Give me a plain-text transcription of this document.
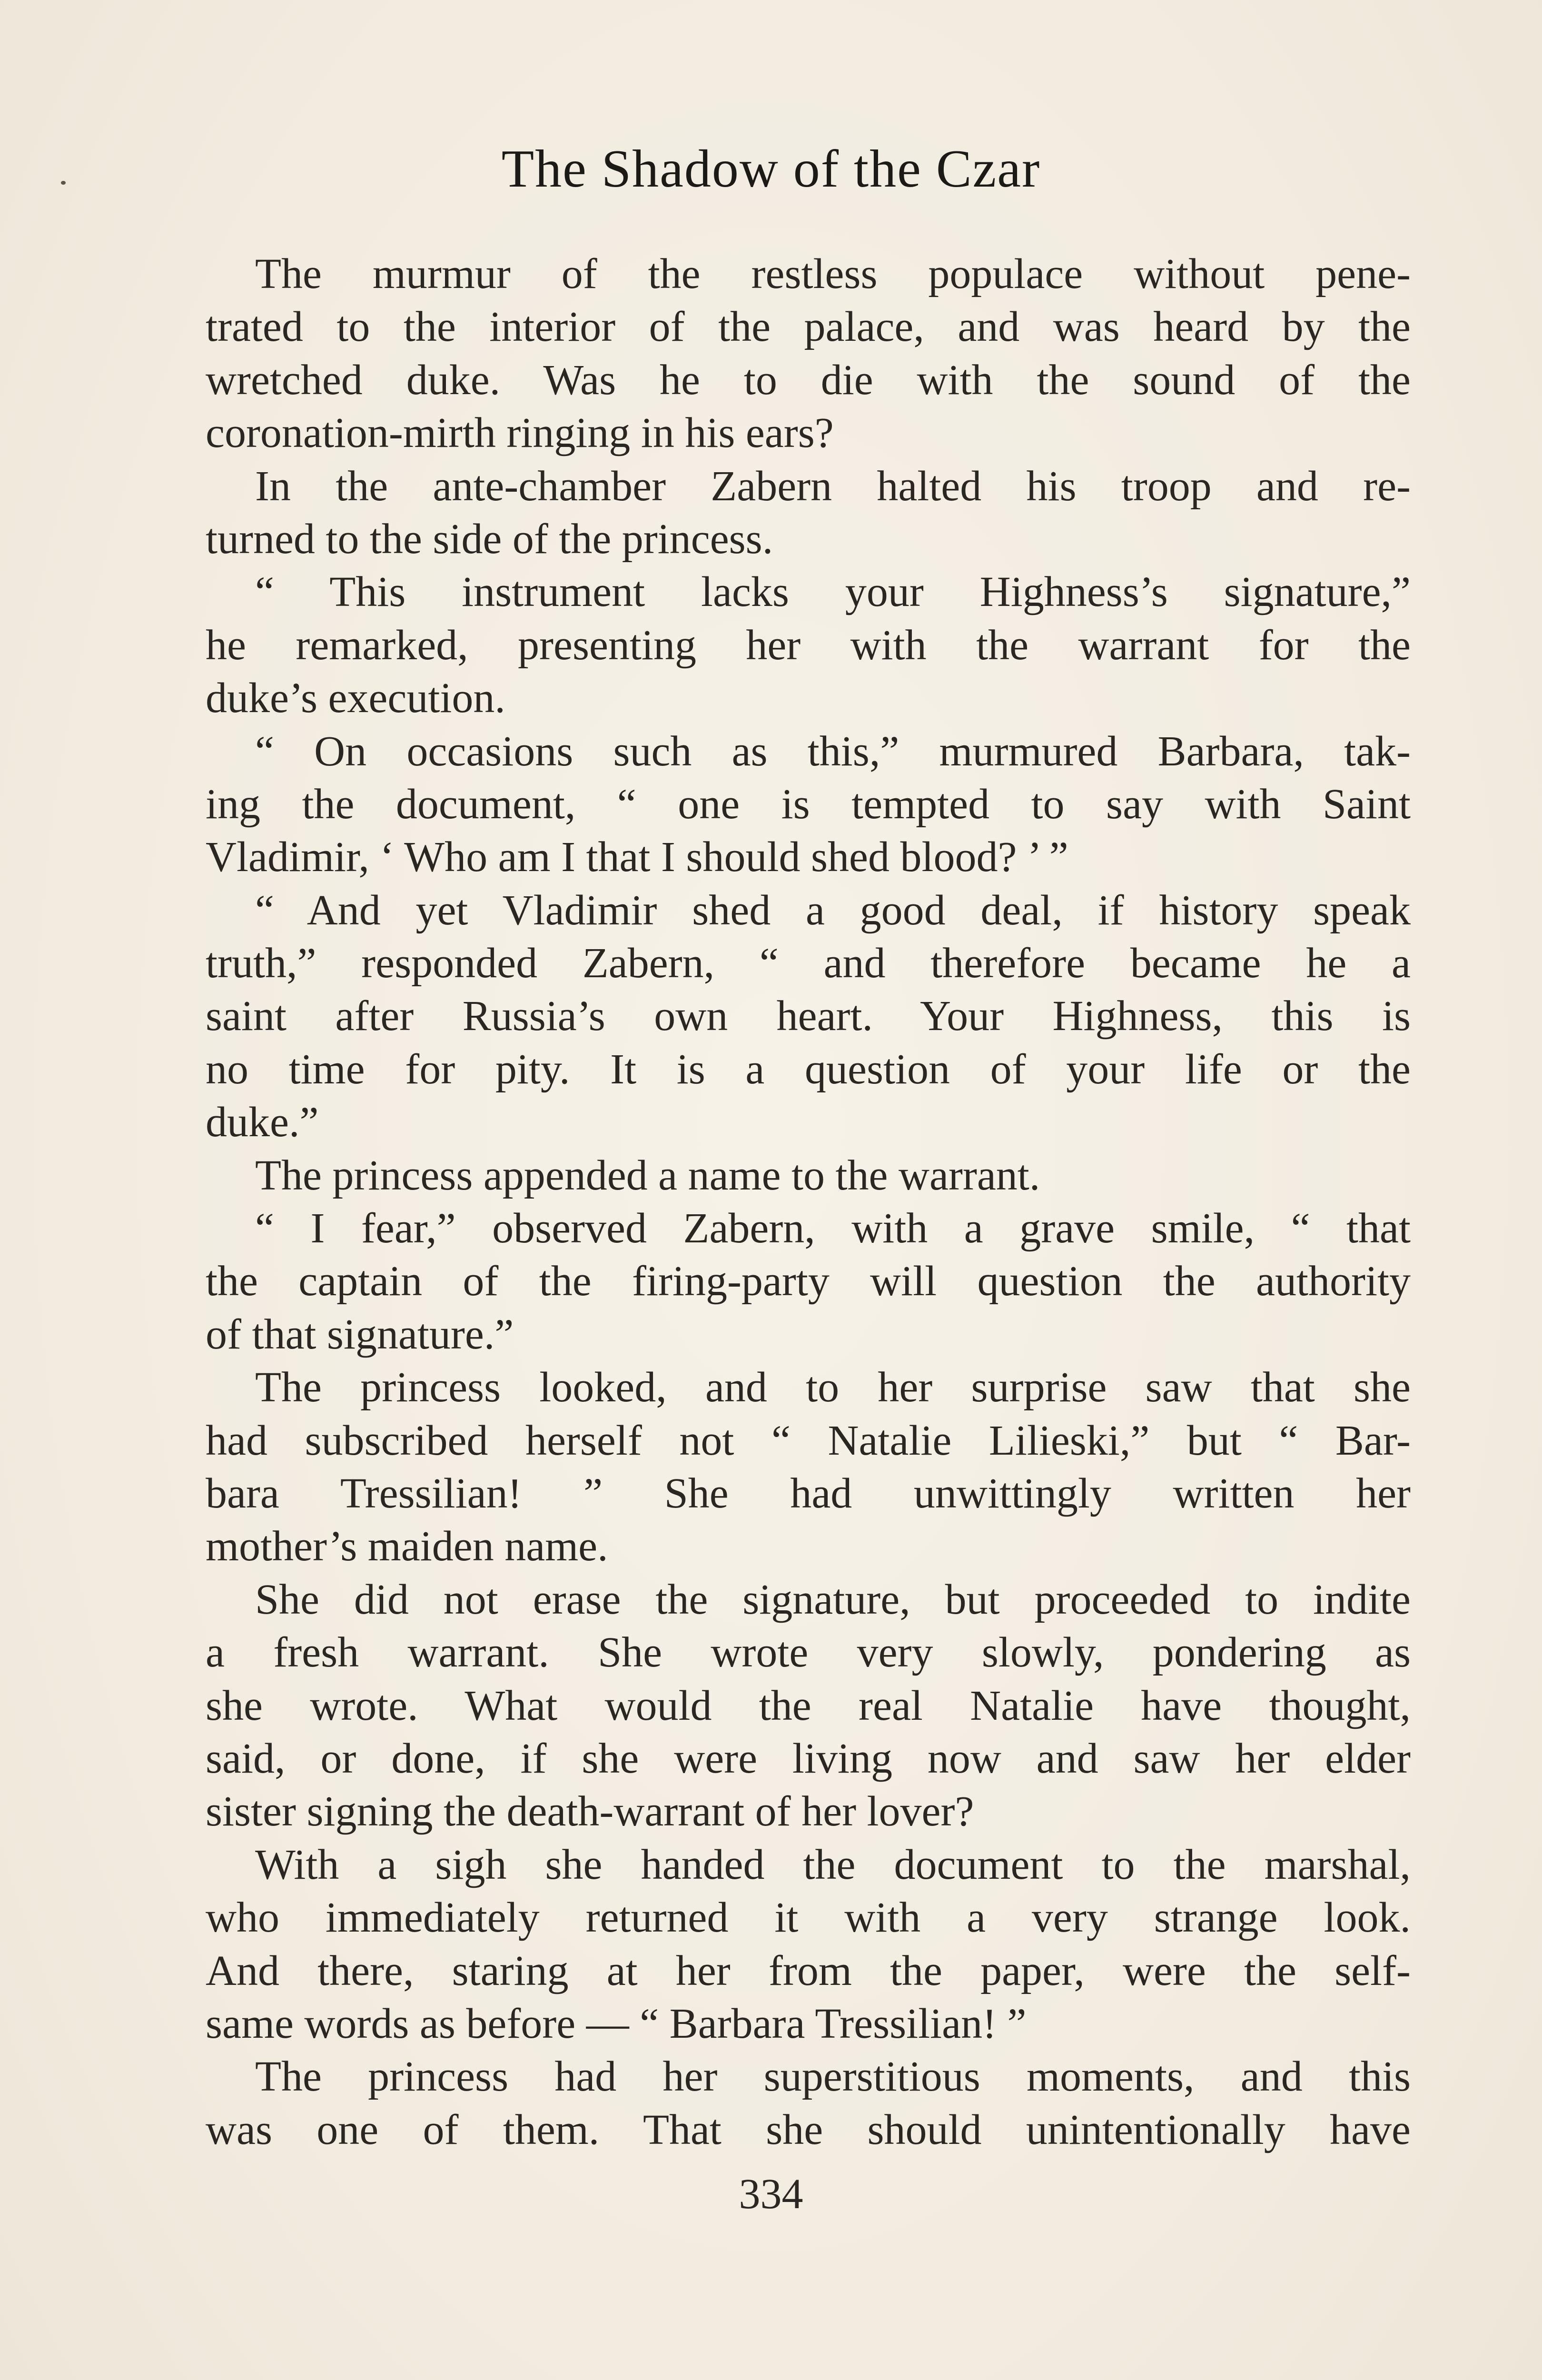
The Shadow of the Czar
The murmur of the restless populace without pene-
trated to the interior of the palace, and was heard by the
wretched duke. Was he to die with the sound of the
coronation-mirth ringing in his ears?
In the ante-chamber Zabern halted his troop and re-
turned to the side of the princess.
“ This instrument lacks your Highness’s signature,”
he remarked, presenting her with the warrant for the
duke’s execution.
“ On occasions such as this,” murmured Barbara, tak-
ing the document, “ one is tempted to say with Saint
Vladimir, ‘ Who am I that I should shed blood? ’ ”
“ And yet Vladimir shed a good deal, if history speak
truth,” responded Zabern, “ and therefore became he a
saint after Russia’s own heart. Your Highness, this is
no time for pity. It is a question of your life or the
duke.”
The princess appended a name to the warrant.
“ I fear,” observed Zabern, with a grave smile, “ that
the captain of the firing-party will question the authority
of that signature.”
The princess looked, and to her surprise saw that she
had subscribed herself not “ Natalie Lilieski,” but “ Bar-
bara Tressilian! ” She had unwittingly written her
mother’s maiden name.
She did not erase the signature, but proceeded to indite
a fresh warrant. She wrote very slowly, pondering as
she wrote. What would the real Natalie have thought,
said, or done, if she were living now and saw her elder
sister signing the death-warrant of her lover?
With a sigh she handed the document to the marshal,
who immediately returned it with a very strange look.
And there, staring at her from the paper, were the self-
same words as before — “ Barbara Tressilian! ”
The princess had her superstitious moments, and this
was one of them. That she should unintentionally have
334
